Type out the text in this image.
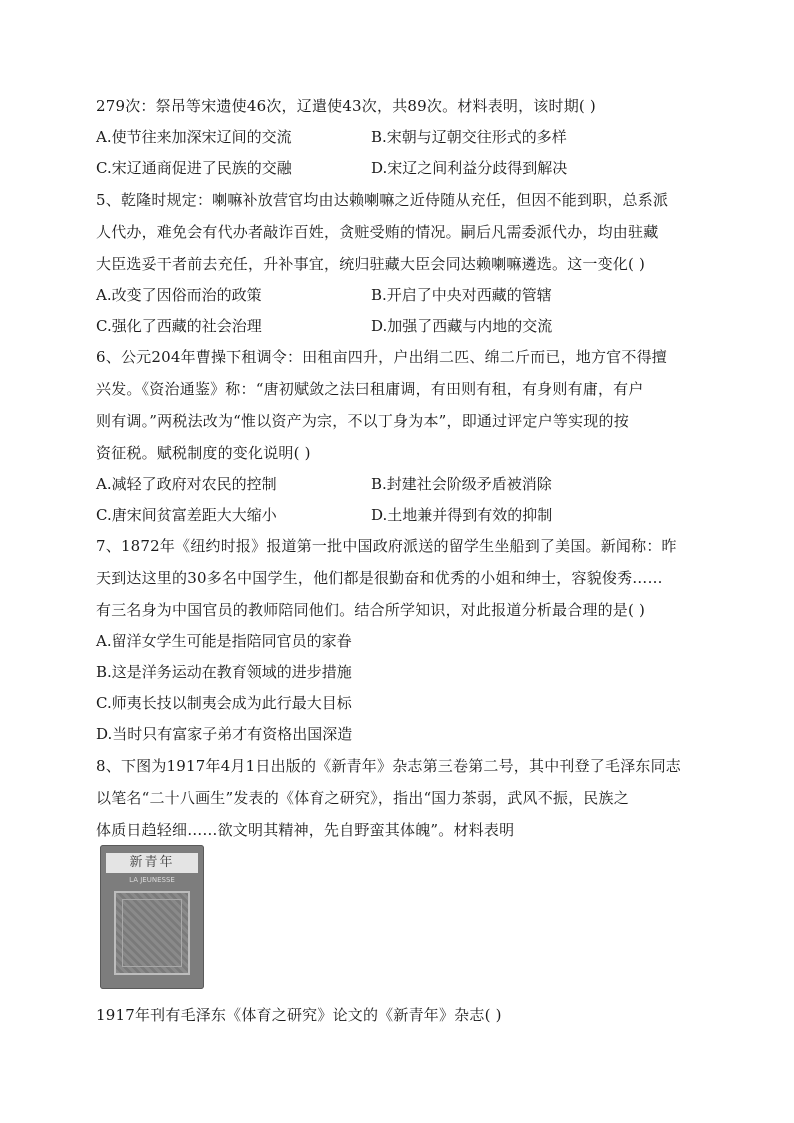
279次：祭吊等宋遗使46次，辽遣使43次，共89次。材料表明，该时期( )
A.使节往来加深宋辽间的交流	B.宋朝与辽朝交往形式的多样
C.宋辽通商促进了民族的交融	D.宋辽之间利益分歧得到解决
5、乾隆时规定：喇嘛补放营官均由达赖喇嘛之近侍随从充任，但因不能到职，总系派
人代办，难免会有代办者敲诈百姓，贪赃受贿的情况。嗣后凡需委派代办，均由驻藏
大臣选妥干者前去充任，升补事宜，统归驻藏大臣会同达赖喇嘛遴选。这一变化( )
A.改变了因俗而治的政策	B.开启了中央对西藏的管辖
C.强化了西藏的社会治理	D.加强了西藏与内地的交流
6、公元204年曹操下租调令：田租亩四升，户出绢二匹、绵二斤而已，地方官不得擅
兴发。《资治通鉴》称：“唐初赋敛之法曰租庸调，有田则有租，有身则有庸，有户
则有调。”两税法改为“惟以资产为宗，不以丁身为本”，即通过评定户等实现的按
资征税。赋税制度的变化说明( )
A.减轻了政府对农民的控制	B.封建社会阶级矛盾被消除
C.唐宋间贫富差距大大缩小	D.土地兼并得到有效的抑制
7、1872年《纽约时报》报道第一批中国政府派送的留学生坐船到了美国。新闻称：昨
天到达这里的30多名中国学生，他们都是很勤奋和优秀的小姐和绅士，容貌俊秀……
有三名身为中国官员的教师陪同他们。结合所学知识，对此报道分析最合理的是( )
A.留洋女学生可能是指陪同官员的家眷
B.这是洋务运动在教育领域的进步措施
C.师夷长技以制夷会成为此行最大目标
D.当时只有富家子弟才有资格出国深造
8、下图为1917年4月1日出版的《新青年》杂志第三卷第二号，其中刊登了毛泽东同志
以笔名“二十八画生”发表的《体育之研究》，指出“国力茶弱，武风不振，民族之
体质日趋轻细……欲文明其精神，先自野蛮其体魄”。材料表明
新青年
LA JEUNESSE
1917年刊有毛泽东《体育之研究》论文的《新青年》杂志( )
